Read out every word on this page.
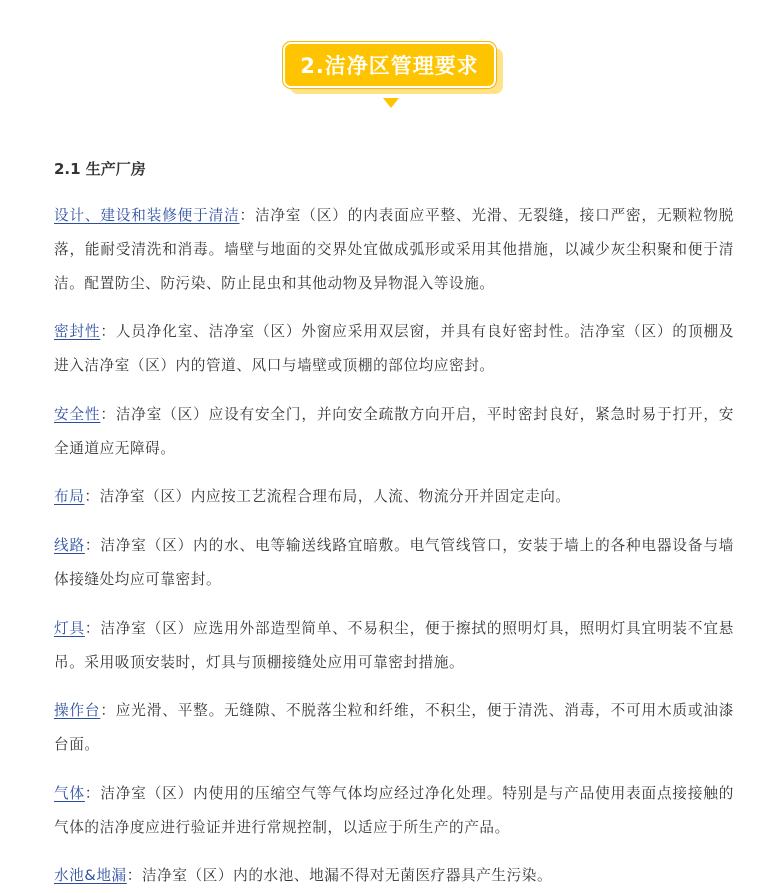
2.洁净区管理要求
2.1 生产厂房

设计、建设和装修便于清洁：洁净室（区）的内表面应平整、光滑、无裂缝，接口严密，无颗粒物脱落，能耐受清洗和消毒。墙壁与地面的交界处宜做成弧形或采用其他措施，以减少灰尘积聚和便于清洁。配置防尘、防污染、防止昆虫和其他动物及异物混入等设施。

密封性：人员净化室、洁净室（区）外窗应采用双层窗，并具有良好密封性。洁净室（区）的顶棚及进入洁净室（区）内的管道、风口与墙壁或顶棚的部位均应密封。

安全性：洁净室（区）应设有安全门，并向安全疏散方向开启，平时密封良好，紧急时易于打开，安全通道应无障碍。

布局：洁净室（区）内应按工艺流程合理布局，人流、物流分开并固定走向。

线路：洁净室（区）内的水、电等输送线路宜暗敷。电气管线管口，安装于墙上的各种电器设备与墙体接缝处均应可靠密封。

灯具：洁净室（区）应选用外部造型简单、不易积尘，便于擦拭的照明灯具，照明灯具宜明装不宜悬吊。采用吸顶安装时，灯具与顶棚接缝处应用可靠密封措施。

操作台：应光滑、平整。无缝隙、不脱落尘粒和纤维，不积尘，便于清洗、消毒，不可用木质或油漆台面。

气体：洁净室（区）内使用的压缩空气等气体均应经过净化处理。特别是与产品使用表面点接接触的气体的洁净度应进行验证并进行常规控制，以适应于所生产的产品。

水池&地漏：洁净室（区）内的水池、地漏不得对无菌医疗器具产生污染。
